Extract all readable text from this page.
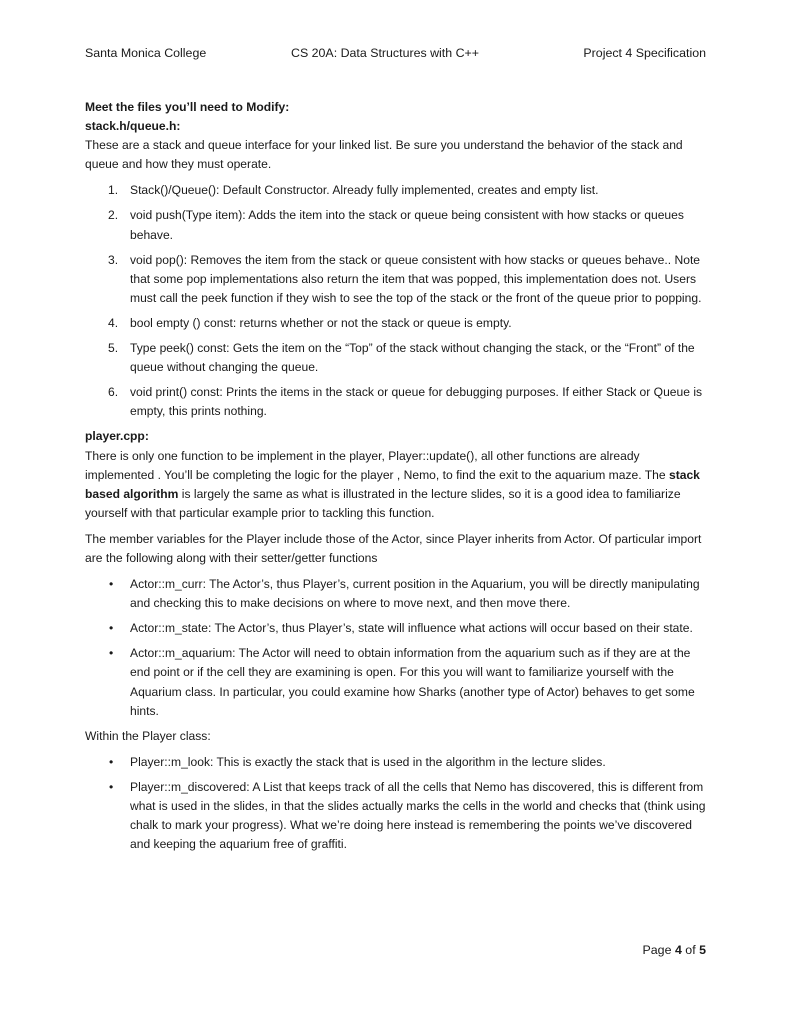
Santa Monica College	CS 20A: Data Structures with C++	Project 4 Specification

Meet the files you’ll need to Modify:

stack.h/queue.h:

These are a stack and queue interface for your linked list. Be sure you understand the behavior of the stack and queue and how they must operate.

1. Stack()/Queue(): Default Constructor. Already fully implemented, creates and empty list.
2. void push(Type item): Adds the item into the stack or queue being consistent with how stacks or queues behave.
3. void pop(): Removes the item from the stack or queue consistent with how stacks or queues behave.. Note that some pop implementations also return the item that was popped, this implementation does not. Users must call the peek function if they wish to see the top of the stack or the front of the queue prior to popping.
4. bool empty () const: returns whether or not the stack or queue is empty.
5. Type peek() const: Gets the item on the “Top” of the stack without changing the stack, or the “Front” of the queue without changing the queue.
6. void print() const: Prints the items in the stack or queue for debugging purposes. If either Stack or Queue is empty, this prints nothing.

player.cpp:

There is only one function to be implement in the player, Player::update(), all other functions are already implemented . You’ll be completing the logic for the player , Nemo, to find the exit to the aquarium maze. The stack based algorithm is largely the same as what is illustrated in the lecture slides, so it is a good idea to familiarize yourself with that particular example prior to tackling this function.

The member variables for the Player include those of the Actor, since Player inherits from Actor. Of particular import are the following along with their setter/getter functions

• Actor::m_curr: The Actor’s, thus Player’s, current position in the Aquarium, you will be directly manipulating and checking this to make decisions on where to move next, and then move there.
• Actor::m_state: The Actor’s, thus Player’s, state will influence what actions will occur based on their state.
• Actor::m_aquarium: The Actor will need to obtain information from the aquarium such as if they are at the end point or if the cell they are examining is open. For this you will want to familiarize yourself with the Aquarium class. In particular, you could examine how Sharks (another type of Actor) behaves to get some hints.

Within the Player class:

• Player::m_look: This is exactly the stack that is used in the algorithm in the lecture slides.
• Player::m_discovered: A List that keeps track of all the cells that Nemo has discovered, this is different from what is used in the slides, in that the slides actually marks the cells in the world and checks that (think using chalk to mark your progress). What we’re doing here instead is remembering the points we’ve discovered and keeping the aquarium free of graffiti.
Page 4 of 5
